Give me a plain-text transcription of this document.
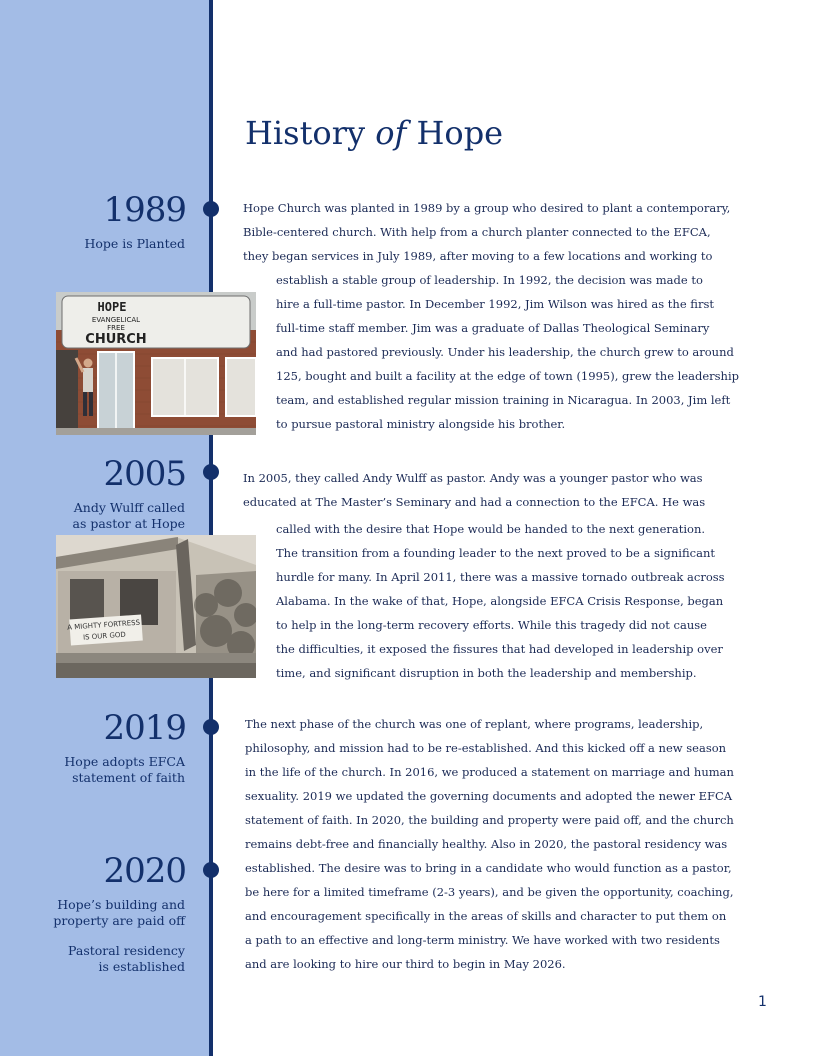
History of Hope
1989
Hope is Planted
2005
Andy Wulff called
as pastor at Hope
2019
Hope adopts EFCA
statement of faith
2020
Hope’s building and
property are paid off
Pastoral residency
is established
HOPE
EVANGELICAL
FREE
CHURCH
A MIGHTY FORTRESS
IS OUR GOD
Hope Church was planted in 1989 by a group who desired to plant a contemporary,
Bible-centered church. With help from a church planter connected to the EFCA,
they began services in July 1989, after moving to a few locations and working to
establish a stable group of leadership. In 1992, the decision was made to
hire a full-time pastor. In December 1992, Jim Wilson was hired as the first
full-time staff member. Jim was a graduate of Dallas Theological Seminary
and had pastored previously. Under his leadership, the church grew to around
125, bought and built a facility at the edge of town (1995), grew the leadership
team, and established regular mission training in Nicaragua. In 2003, Jim left
to pursue pastoral ministry alongside his brother.
In 2005, they called Andy Wulff as pastor. Andy was a younger pastor who was
educated at The Master’s Seminary and had a connection to the EFCA. He was
called with the desire that Hope would be handed to the next generation.
The transition from a founding leader to the next proved to be a significant
hurdle for many. In April 2011, there was a massive tornado outbreak across
Alabama. In the wake of that, Hope, alongside EFCA Crisis Response, began
to help in the long-term recovery efforts. While this tragedy did not cause
the difficulties, it exposed the fissures that had developed in leadership over
time, and significant disruption in both the leadership and membership.
The next phase of the church was one of replant, where programs, leadership,
philosophy, and mission had to be re-established. And this kicked off a new season
in the life of the church. In 2016, we produced a statement on marriage and human
sexuality. 2019 we updated the governing documents and adopted the newer EFCA
statement of faith. In 2020, the building and property were paid off, and the church
remains debt-free and financially healthy. Also in 2020, the pastoral residency was
established. The desire was to bring in a candidate who would function as a pastor,
be here for a limited timeframe (2-3 years), and be given the opportunity, coaching,
and encouragement specifically in the areas of skills and character to put them on
a path to an effective and long-term ministry. We have worked with two residents
and are looking to hire our third to begin in May 2026.
1
